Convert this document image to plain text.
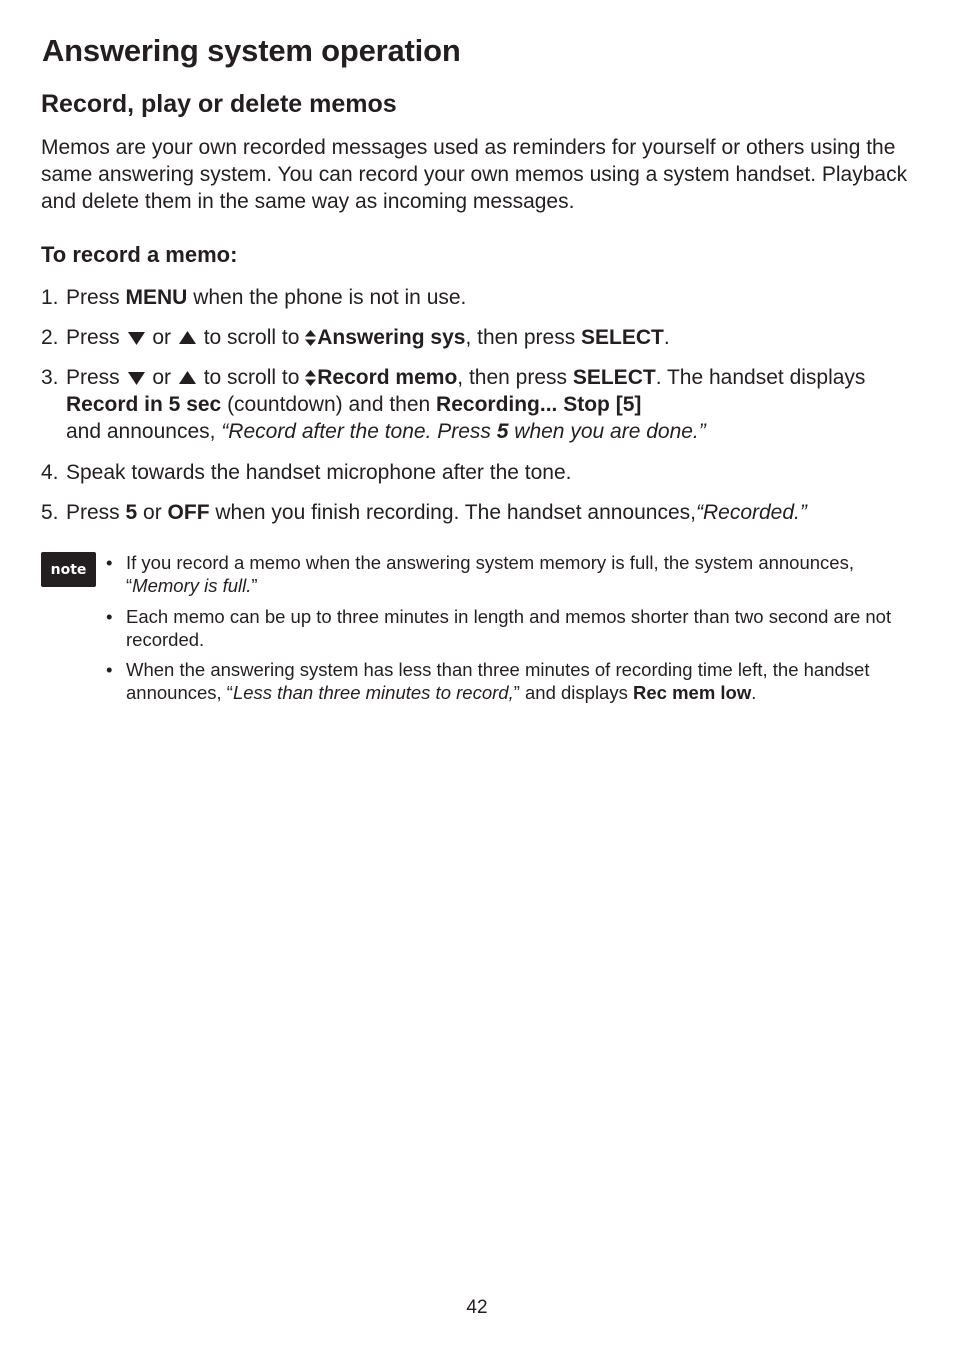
Answering system operation
Record, play or delete memos

Memos are your own recorded messages used as reminders for yourself or others using the same answering system. You can record your own memos using a system handset. Playback and delete them in the same way as incoming messages.

To record a memo:
1. Press MENU when the phone is not in use.
2. Press  or  to scroll to Answering sys, then press SELECT.
3. Press  or  to scroll to Record memo, then press SELECT. The handset displays Record in 5 sec (countdown) and then Recording... Stop [5]
and announces, “Record after the tone. Press 5 when you are done.”
4. Speak towards the handset microphone after the tone.
5. Press 5 or OFF when you finish recording. The handset announces,“Recorded.”
note	• If you record a memo when the answering system memory is full, the system announces, “Memory is full.”
• Each memo can be up to three minutes in length and memos shorter than two second are not recorded.
• When the answering system has less than three minutes of recording time left, the handset announces, “Less than three minutes to record,” and displays Rec mem low.
42
